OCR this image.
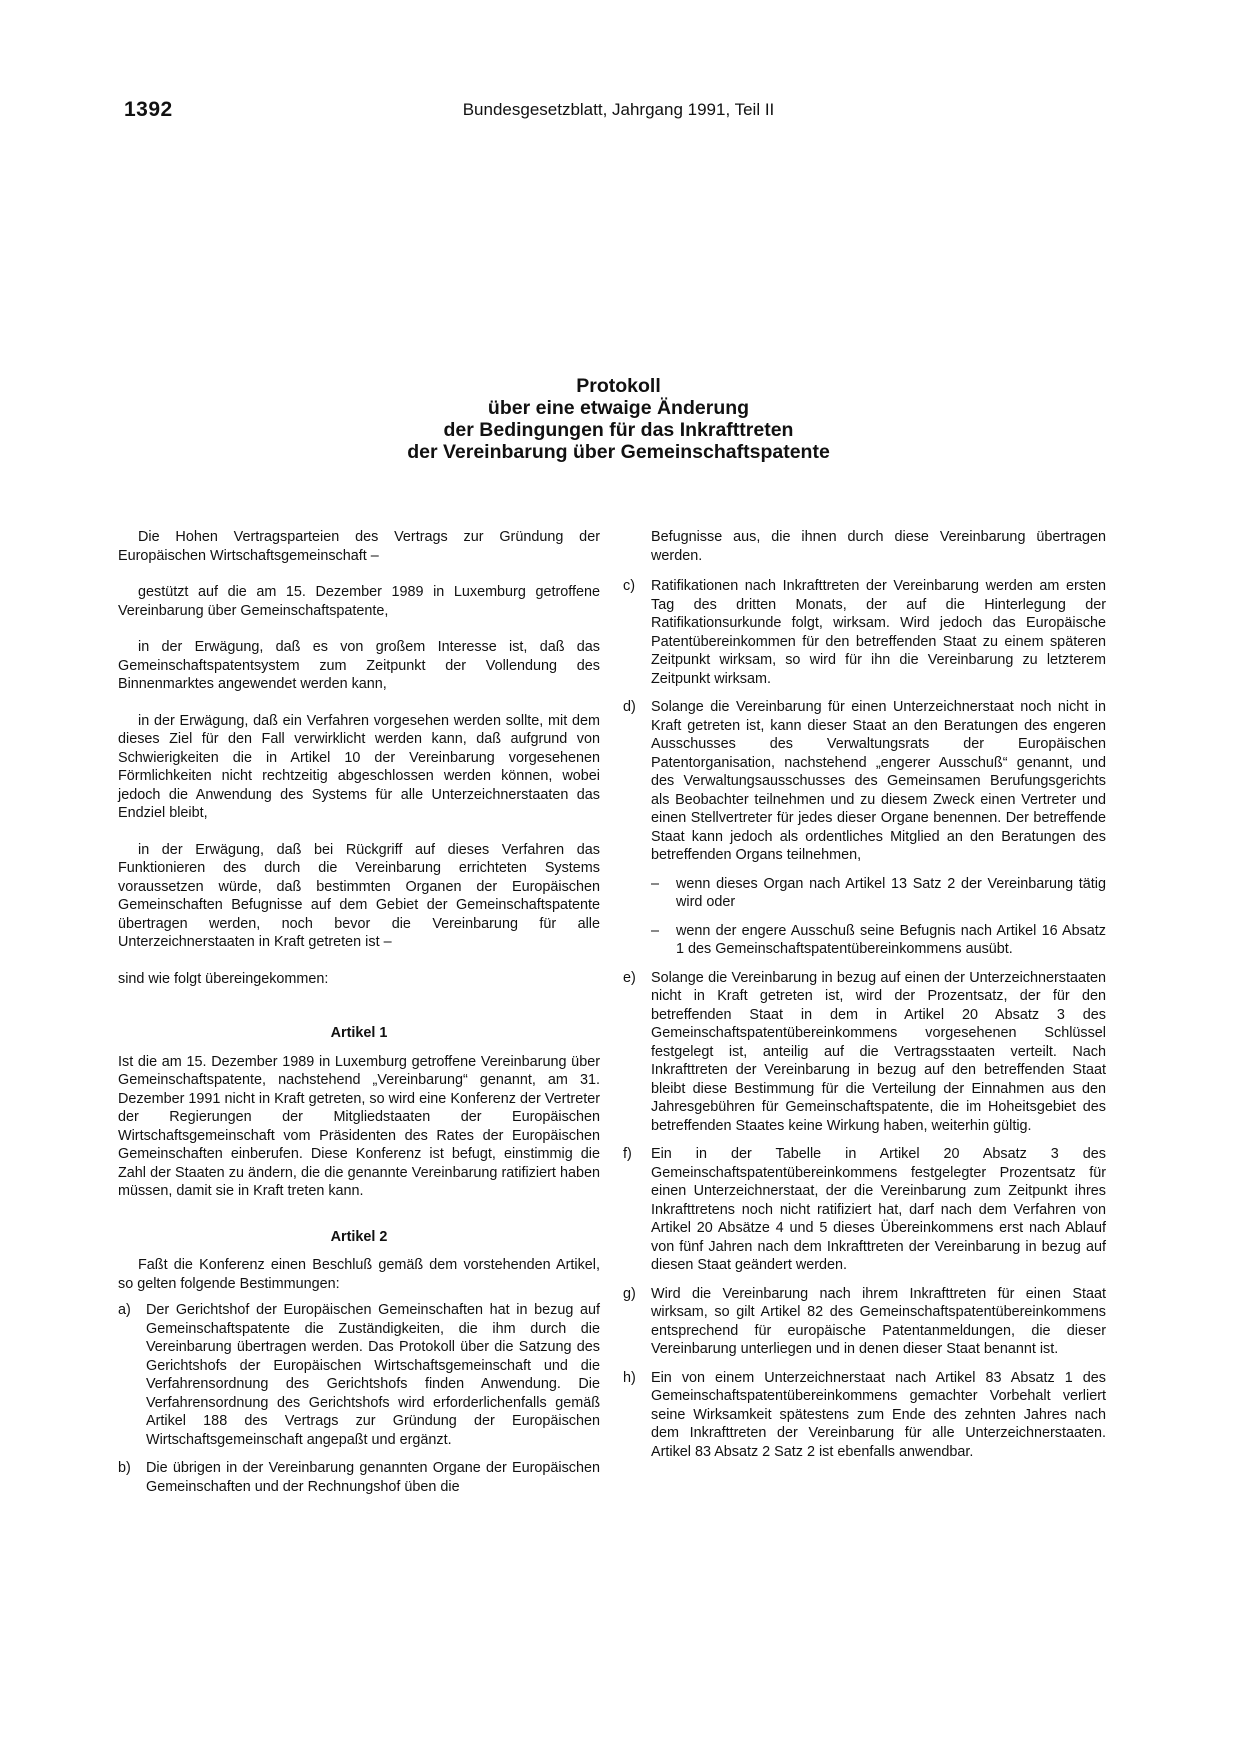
1392	Bundesgesetzblatt, Jahrgang 1991, Teil II
Protokoll
über eine etwaige Änderung
der Bedingungen für das Inkrafttreten
der Vereinbarung über Gemeinschaftspatente

Die Hohen Vertragsparteien des Vertrags zur Gründung der Europäischen Wirtschaftsgemeinschaft –

gestützt auf die am 15. Dezember 1989 in Luxemburg getroffene Vereinbarung über Gemeinschaftspatente,

in der Erwägung, daß es von großem Interesse ist, daß das Gemeinschaftspatentsystem zum Zeitpunkt der Vollendung des Binnenmarktes angewendet werden kann,

in der Erwägung, daß ein Verfahren vorgesehen werden sollte, mit dem dieses Ziel für den Fall verwirklicht werden kann, daß aufgrund von Schwierigkeiten die in Artikel 10 der Vereinbarung vorgesehenen Förmlichkeiten nicht rechtzeitig abgeschlossen werden können, wobei jedoch die Anwendung des Systems für alle Unterzeichnerstaaten das Endziel bleibt,

in der Erwägung, daß bei Rückgriff auf dieses Verfahren das Funktionieren des durch die Vereinbarung errichteten Systems voraussetzen würde, daß bestimmten Organen der Europäischen Gemeinschaften Befugnisse auf dem Gebiet der Gemeinschaftspatente übertragen werden, noch bevor die Vereinbarung für alle Unterzeichnerstaaten in Kraft getreten ist –

sind wie folgt übereingekommen:

Artikel 1

Ist die am 15. Dezember 1989 in Luxemburg getroffene Vereinbarung über Gemeinschaftspatente, nachstehend „Vereinbarung“ genannt, am 31. Dezember 1991 nicht in Kraft getreten, so wird eine Konferenz der Vertreter der Regierungen der Mitgliedstaaten der Europäischen Wirtschaftsgemeinschaft vom Präsidenten des Rates der Europäischen Gemeinschaften einberufen. Diese Konferenz ist befugt, einstimmig die Zahl der Staaten zu ändern, die die genannte Vereinbarung ratifiziert haben müssen, damit sie in Kraft treten kann.

Artikel 2

Faßt die Konferenz einen Beschluß gemäß dem vorstehenden Artikel, so gelten folgende Bestimmungen:

a) Der Gerichtshof der Europäischen Gemeinschaften hat in bezug auf Gemeinschaftspatente die Zuständigkeiten, die ihm durch die Vereinbarung übertragen werden. Das Protokoll über die Satzung des Gerichtshofs der Europäischen Wirtschaftsgemeinschaft und die Verfahrensordnung des Gerichtshofs finden Anwendung. Die Verfahrensordnung des Gerichtshofs wird erforderlichenfalls gemäß Artikel 188 des Vertrags zur Gründung der Europäischen Wirtschaftsgemeinschaft angepaßt und ergänzt.
b) Die übrigen in der Vereinbarung genannten Organe der Europäischen Gemeinschaften und der Rechnungshof üben die

Befugnisse aus, die ihnen durch diese Vereinbarung übertragen werden.

c) Ratifikationen nach Inkrafttreten der Vereinbarung werden am ersten Tag des dritten Monats, der auf die Hinterlegung der Ratifikationsurkunde folgt, wirksam. Wird jedoch das Europäische Patentübereinkommen für den betreffenden Staat zu einem späteren Zeitpunkt wirksam, so wird für ihn die Vereinbarung zu letzterem Zeitpunkt wirksam.
d) Solange die Vereinbarung für einen Unterzeichnerstaat noch nicht in Kraft getreten ist, kann dieser Staat an den Beratungen des engeren Ausschusses des Verwaltungsrats der Europäischen Patentorganisation, nachstehend „engerer Ausschuß“ genannt, und des Verwaltungsausschusses des Gemeinsamen Berufungsgerichts als Beobachter teilnehmen und zu diesem Zweck einen Vertreter und einen Stellvertreter für jedes dieser Organe benennen. Der betreffende Staat kann jedoch als ordentliches Mitglied an den Beratungen des betreffenden Organs teilnehmen,
– wenn dieses Organ nach Artikel 13 Satz 2 der Vereinbarung tätig wird oder
– wenn der engere Ausschuß seine Befugnis nach Artikel 16 Absatz 1 des Gemeinschaftspatentübereinkommens ausübt.
e) Solange die Vereinbarung in bezug auf einen der Unterzeichnerstaaten nicht in Kraft getreten ist, wird der Prozentsatz, der für den betreffenden Staat in dem in Artikel 20 Absatz 3 des Gemeinschaftspatentübereinkommens vorgesehenen Schlüssel festgelegt ist, anteilig auf die Vertragsstaaten verteilt. Nach Inkrafttreten der Vereinbarung in bezug auf den betreffenden Staat bleibt diese Bestimmung für die Verteilung der Einnahmen aus den Jahresgebühren für Gemeinschaftspatente, die im Hoheitsgebiet des betreffenden Staates keine Wirkung haben, weiterhin gültig.
f) Ein in der Tabelle in Artikel 20 Absatz 3 des Gemeinschaftspatentübereinkommens festgelegter Prozentsatz für einen Unterzeichnerstaat, der die Vereinbarung zum Zeitpunkt ihres Inkrafttretens noch nicht ratifiziert hat, darf nach dem Verfahren von Artikel 20 Absätze 4 und 5 dieses Übereinkommens erst nach Ablauf von fünf Jahren nach dem Inkrafttreten der Vereinbarung in bezug auf diesen Staat geändert werden.
g) Wird die Vereinbarung nach ihrem Inkrafttreten für einen Staat wirksam, so gilt Artikel 82 des Gemeinschaftspatentübereinkommens entsprechend für europäische Patentanmeldungen, die dieser Vereinbarung unterliegen und in denen dieser Staat benannt ist.
h) Ein von einem Unterzeichnerstaat nach Artikel 83 Absatz 1 des Gemeinschaftspatentübereinkommens gemachter Vorbehalt verliert seine Wirksamkeit spätestens zum Ende des zehnten Jahres nach dem Inkrafttreten der Vereinbarung für alle Unterzeichnerstaaten. Artikel 83 Absatz 2 Satz 2 ist ebenfalls anwendbar.
